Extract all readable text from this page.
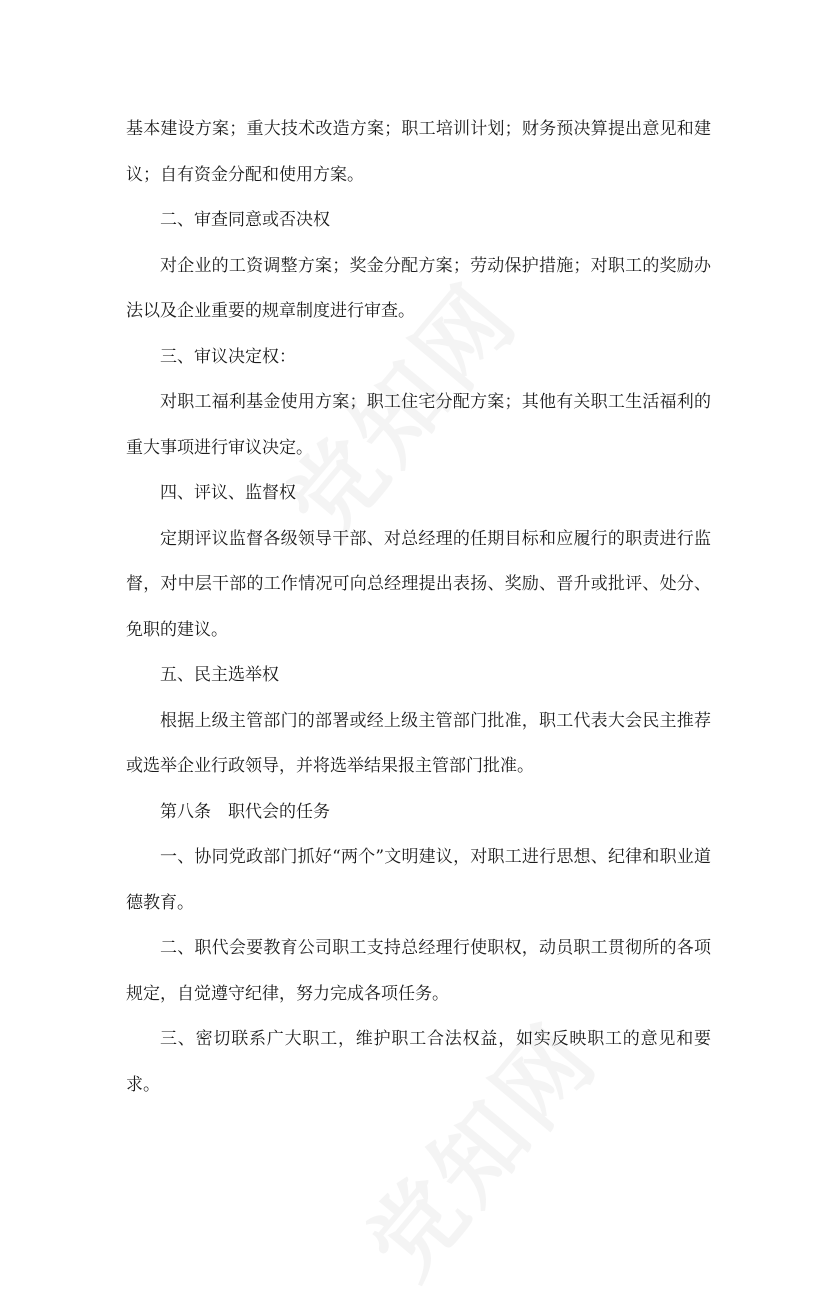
基本建设方案；重大技术改造方案；职工培训计划；财务预决算提出意见和建议；自有资金分配和使用方案。

二、审查同意或否决权

对企业的工资调整方案；奖金分配方案；劳动保护措施；对职工的奖励办法以及企业重要的规章制度进行审查。

三、审议决定权：

对职工福利基金使用方案；职工住宅分配方案；其他有关职工生活福利的重大事项进行审议决定。

四、评议、监督权

定期评议监督各级领导干部、对总经理的任期目标和应履行的职责进行监督，对中层干部的工作情况可向总经理提出表扬、奖励、晋升或批评、处分、免职的建议。

五、民主选举权

根据上级主管部门的部署或经上级主管部门批准，职工代表大会民主推荐或选举企业行政领导，并将选举结果报主管部门批准。

第八条　职代会的任务

一、协同党政部门抓好“两个”文明建议，对职工进行思想、纪律和职业道德教育。

二、职代会要教育公司职工支持总经理行使职权，动员职工贯彻所的各项规定，自觉遵守纪律，努力完成各项任务。

三、密切联系广大职工，维护职工合法权益，如实反映职工的意见和要求。
